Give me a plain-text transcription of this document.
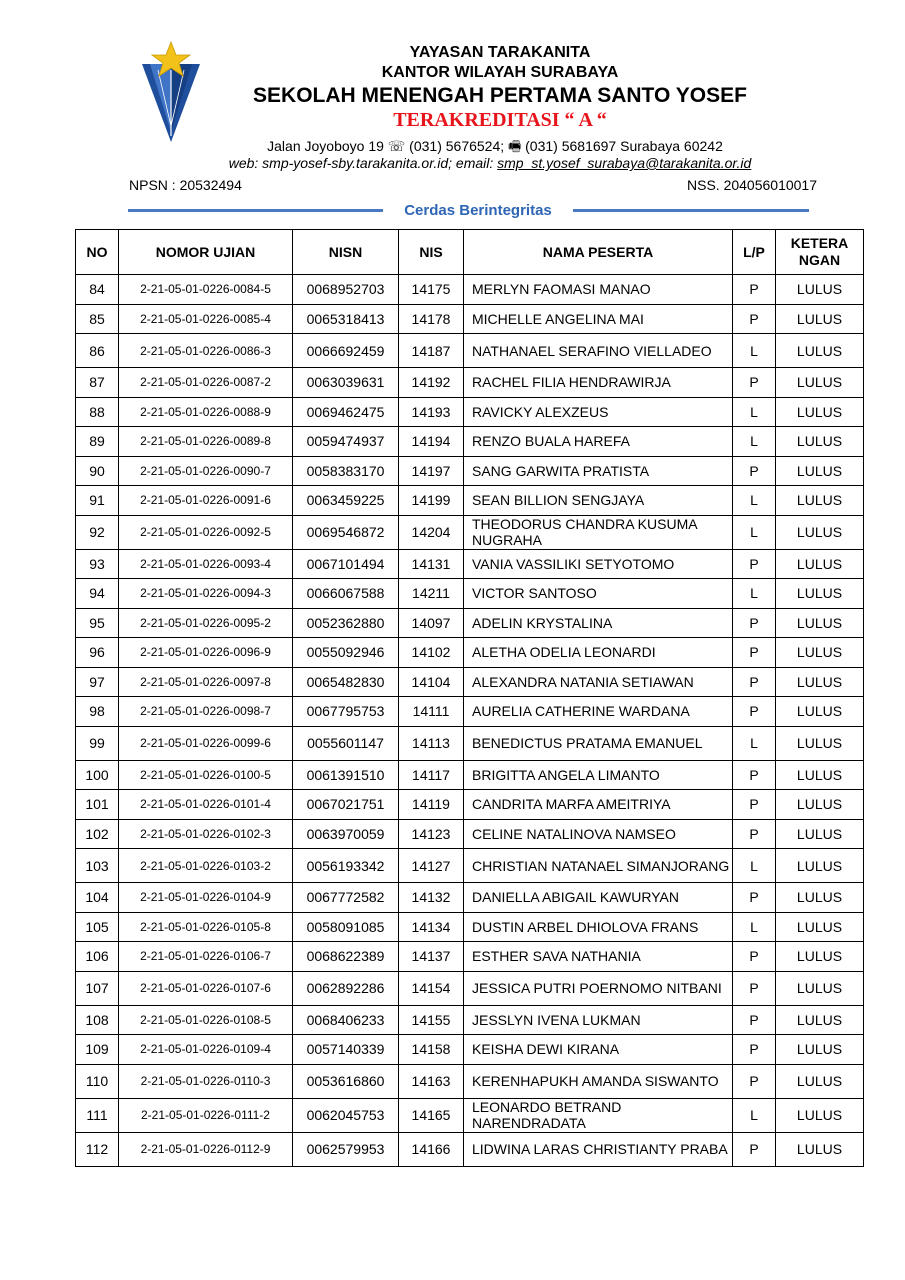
YAYASAN TARAKANITA
KANTOR WILAYAH SURABAYA
SEKOLAH MENENGAH PERTAMA SANTO YOSEF
TERAKREDITASI “ A “
Jalan Joyoboyo 19 ☏ (031) 5676524; 🖷 (031) 5681697 Surabaya 60242
web: smp-yosef-sby.tarakanita.or.id; email: smp_st.yosef_surabaya@tarakanita.or.id
NPSN : 20532494	NSS. 204056010017
Cerdas Berintegritas
NO	NOMOR UJIAN	NISN	NIS	NAMA PESERTA	L/P	KETERA NGAN
84	2-21-05-01-0226-0084-5	0068952703	14175	MERLYN FAOMASI MANAO	P	LULUS
85	2-21-05-01-0226-0085-4	0065318413	14178	MICHELLE ANGELINA MAI	P	LULUS
86	2-21-05-01-0226-0086-3	0066692459	14187	NATHANAEL SERAFINO VIELLADEO	L	LULUS
87	2-21-05-01-0226-0087-2	0063039631	14192	RACHEL FILIA HENDRAWIRJA	P	LULUS
88	2-21-05-01-0226-0088-9	0069462475	14193	RAVICKY ALEXZEUS	L	LULUS
89	2-21-05-01-0226-0089-8	0059474937	14194	RENZO BUALA HAREFA	L	LULUS
90	2-21-05-01-0226-0090-7	0058383170	14197	SANG GARWITA PRATISTA	P	LULUS
91	2-21-05-01-0226-0091-6	0063459225	14199	SEAN BILLION SENGJAYA	L	LULUS
92	2-21-05-01-0226-0092-5	0069546872	14204	THEODORUS CHANDRA KUSUMA NUGRAHA	L	LULUS
93	2-21-05-01-0226-0093-4	0067101494	14131	VANIA VASSILIKI SETYOTOMO	P	LULUS
94	2-21-05-01-0226-0094-3	0066067588	14211	VICTOR SANTOSO	L	LULUS
95	2-21-05-01-0226-0095-2	0052362880	14097	ADELIN KRYSTALINA	P	LULUS
96	2-21-05-01-0226-0096-9	0055092946	14102	ALETHA ODELIA LEONARDI	P	LULUS
97	2-21-05-01-0226-0097-8	0065482830	14104	ALEXANDRA NATANIA SETIAWAN	P	LULUS
98	2-21-05-01-0226-0098-7	0067795753	14111	AURELIA CATHERINE WARDANA	P	LULUS
99	2-21-05-01-0226-0099-6	0055601147	14113	BENEDICTUS PRATAMA EMANUEL	L	LULUS
100	2-21-05-01-0226-0100-5	0061391510	14117	BRIGITTA ANGELA LIMANTO	P	LULUS
101	2-21-05-01-0226-0101-4	0067021751	14119	CANDRITA MARFA AMEITRIYA	P	LULUS
102	2-21-05-01-0226-0102-3	0063970059	14123	CELINE NATALINOVA NAMSEO	P	LULUS
103	2-21-05-01-0226-0103-2	0056193342	14127	CHRISTIAN NATANAEL SIMANJORANG	L	LULUS
104	2-21-05-01-0226-0104-9	0067772582	14132	DANIELLA ABIGAIL KAWURYAN	P	LULUS
105	2-21-05-01-0226-0105-8	0058091085	14134	DUSTIN ARBEL DHIOLOVA FRANS	L	LULUS
106	2-21-05-01-0226-0106-7	0068622389	14137	ESTHER SAVA NATHANIA	P	LULUS
107	2-21-05-01-0226-0107-6	0062892286	14154	JESSICA PUTRI POERNOMO NITBANI	P	LULUS
108	2-21-05-01-0226-0108-5	0068406233	14155	JESSLYN IVENA LUKMAN	P	LULUS
109	2-21-05-01-0226-0109-4	0057140339	14158	KEISHA DEWI KIRANA	P	LULUS
110	2-21-05-01-0226-0110-3	0053616860	14163	KERENHAPUKH AMANDA SISWANTO	P	LULUS
111	2-21-05-01-0226-0111-2	0062045753	14165	LEONARDO BETRAND NARENDRADATA	L	LULUS
112	2-21-05-01-0226-0112-9	0062579953	14166	LIDWINA LARAS CHRISTIANTY PRABA	P	LULUS
